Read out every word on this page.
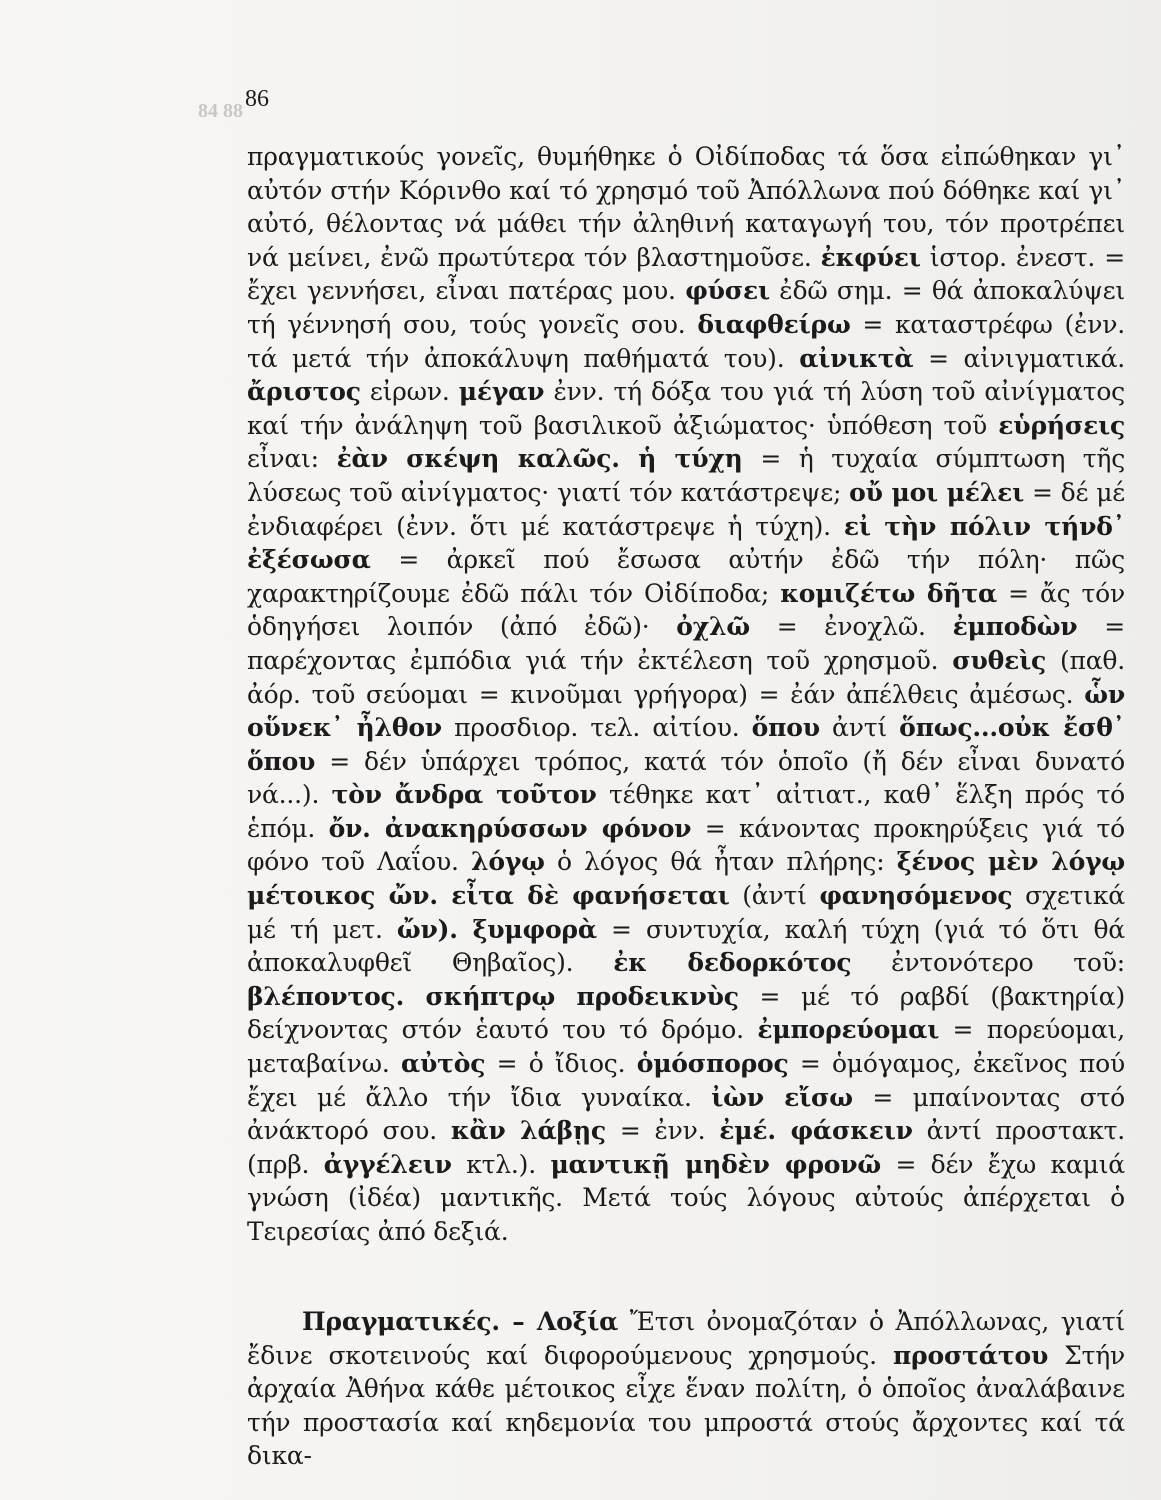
84 88 86

πραγματικούς γονεῖς, θυμήθηκε ὁ Οἰδίποδας τά ὅσα εἰπώθηκαν γι᾽ αὐτόν στήν Κόρινθο καί τό χρησμό τοῦ Ἀπόλλωνα πού δόθηκε καί γι᾽ αὐτό, θέλοντας νά μάθει τήν ἀληθινή καταγωγή του, τόν προτρέπει νά μείνει, ἐνῶ πρωτύτερα τόν βλαστημοῦσε. ἐκφύει ἱστορ. ἐνεστ. = ἔχει γεννήσει, εἶναι πατέρας μου. φύσει ἐδῶ σημ. = θά ἀποκαλύψει τή γέννησή σου, τούς γονεῖς σου. διαφθείρω = καταστρέφω (ἐνν. τά μετά τήν ἀποκάλυψη παθήματά του). αἰνικτὰ = αἰνιγματικά. ἄριστος εἰρων. μέγαν ἐνν. τή δόξα του γιά τή λύση τοῦ αἰνίγματος καί τήν ἀνάληψη τοῦ βασιλικοῦ ἀξιώματος· ὑπόθεση τοῦ εὑρήσεις εἶναι: ἐὰν σκέψη καλῶς. ἡ τύχη = ἡ τυχαία σύμπτωση τῆς λύσεως τοῦ αἰνίγματος· γιατί τόν κατάστρεψε; οὔ μοι μέλει = δέ μέ ἐνδιαφέρει (ἐνν. ὅτι μέ κατάστρεψε ἡ τύχη). εἰ τὴν πόλιν τήνδ᾽ ἐξέσωσα = ἀρκεῖ πού ἔσωσα αὐτήν ἐδῶ τήν πόλη· πῶς χαρακτηρίζουμε ἐδῶ πάλι τόν Οἰδίποδα; κομιζέτω δῆτα = ἄς τόν ὁδηγήσει λοιπόν (ἀπό ἐδῶ)· ὀχλῶ = ἐνοχλῶ. ἐμποδὼν = παρέχοντας ἐμπόδια γιά τήν ἐκτέλεση τοῦ χρησμοῦ. συθεὶς (παθ. ἀόρ. τοῦ σεύομαι = κινοῦμαι γρήγορα) = ἐάν ἀπέλθεις ἀμέσως. ὧν οὕνεκ᾽ ἦλθον προσδιορ. τελ. αἰτίου. ὅπου ἀντί ὅπως...οὐκ ἔσθ᾽ ὅπου = δέν ὑπάρχει τρόπος, κατά τόν ὁποῖο (ἤ δέν εἶναι δυνατό νά...). τὸν ἄνδρα τοῦτον τέθηκε κατ᾽ αἰτιατ., καθ᾽ ἕλξη πρός τό ἑπόμ. ὄν. ἀνακηρύσσων φόνον = κάνοντας προκηρύξεις γιά τό φόνο τοῦ Λαΐου. λόγῳ ὁ λόγος θά ἦταν πλήρης: ξένος μὲν λόγῳ μέτοικος ὤν. εἶτα δὲ φανήσεται (ἀντί φανησόμενος σχετικά μέ τή μετ. ὤν). ξυμφορὰ = συντυχία, καλή τύχη (γιά τό ὅτι θά ἀποκαλυφθεῖ Θηβαῖος). ἐκ δεδορκότος ἐντονότερο τοῦ: βλέποντος. σκήπτρῳ προδεικνὺς = μέ τό ραβδί (βακτηρία) δείχνοντας στόν ἑαυτό του τό δρόμο. ἐμπορεύομαι = πορεύομαι, μεταβαίνω. αὐτὸς = ὁ ἴδιος. ὁμόσπορος = ὁμόγαμος, ἐκεῖνος πού ἔχει μέ ἄλλο τήν ἴδια γυναίκα. ἰὼν εἴσω = μπαίνοντας στό ἀνάκτορό σου. κἂν λάβῃς = ἐνν. ἐμέ. φάσκειν ἀντί προστακτ. (πρβ. ἀγγέλειν κτλ.). μαντικῇ μηδὲν φρονῶ = δέν ἔχω καμιά γνώση (ἰδέα) μαντικῆς. Μετά τούς λόγους αὐτούς ἀπέρχεται ὁ Τειρεσίας ἀπό δεξιά.

Πραγματικές. – Λοξία Ἔτσι ὀνομαζόταν ὁ Ἀπόλλωνας, γιατί ἔδινε σκοτεινούς καί διφορούμενους χρησμούς. προστάτου Στήν ἀρχαία Ἀθήνα κάθε μέτοικος εἶχε ἕναν πολίτη, ὁ ὁποῖος ἀναλάβαινε τήν προστασία καί κηδεμονία του μπροστά στούς ἄρχοντες καί τά δικα-
